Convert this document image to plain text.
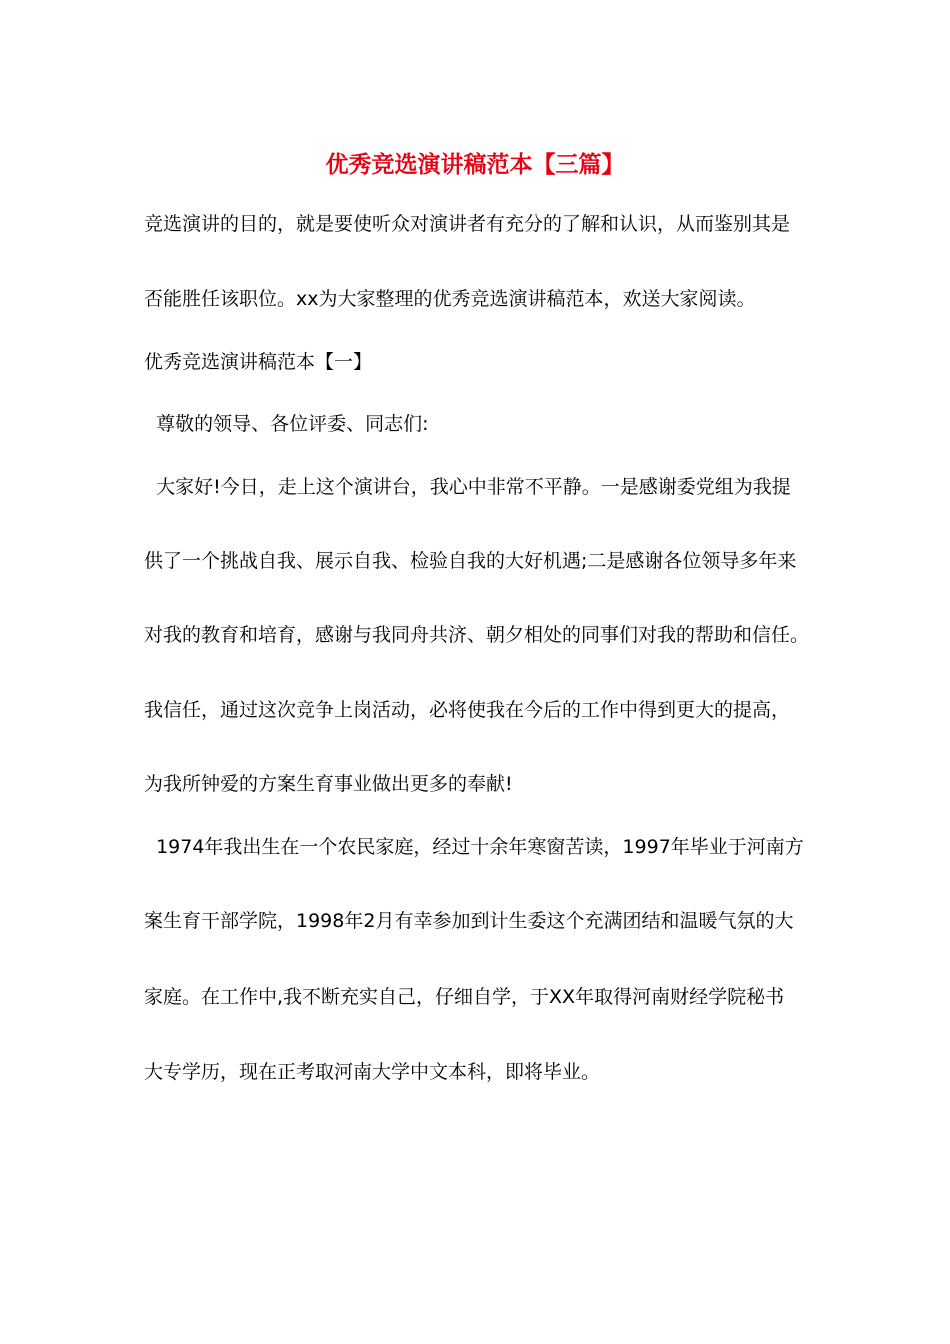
优秀竞选演讲稿范本【三篇】
竞选演讲的目的，就是要使听众对演讲者有充分的了解和认识，从而鉴别其是
否能胜任该职位。xx为大家整理的优秀竞选演讲稿范本，欢送大家阅读。
优秀竞选演讲稿范本【一】
尊敬的领导、各位评委、同志们:
大家好!今日，走上这个演讲台，我心中非常不平静。一是感谢委党组为我提
供了一个挑战自我、展示自我、检验自我的大好机遇;二是感谢各位领导多年来
对我的教育和培育，感谢与我同舟共济、朝夕相处的同事们对我的帮助和信任。
我信任，通过这次竞争上岗活动，必将使我在今后的工作中得到更大的提高，
为我所钟爱的方案生育事业做出更多的奉献!
1974年我出生在一个农民家庭，经过十余年寒窗苦读，1997年毕业于河南方
案生育干部学院，1998年2月有幸参加到计生委这个充满团结和温暖气氛的大
家庭。在工作中,我不断充实自己，仔细自学，于XX年取得河南财经学院秘书
大专学历，现在正考取河南大学中文本科，即将毕业。
